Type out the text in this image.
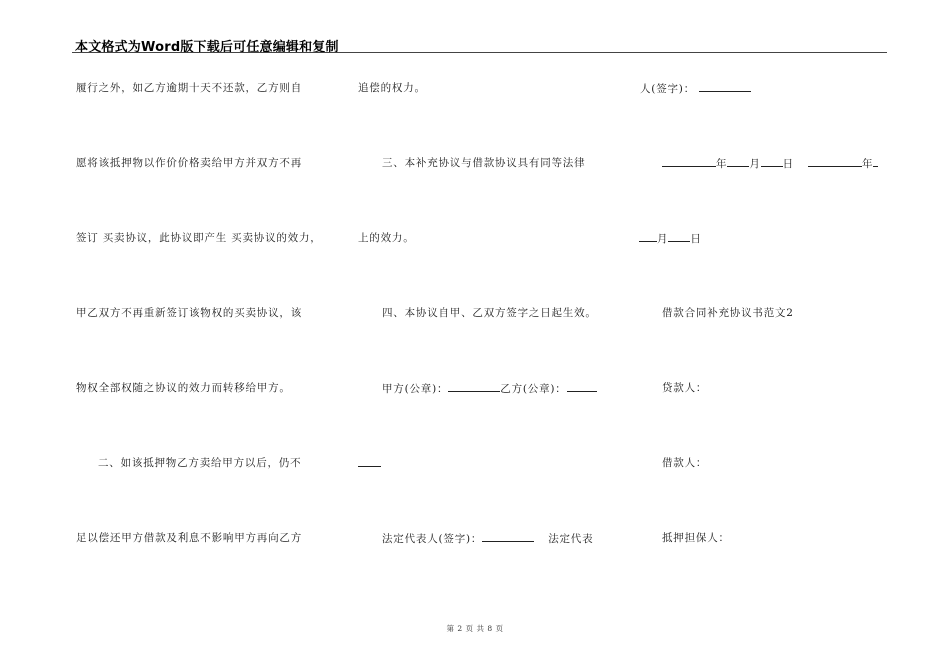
本文格式为Word版下载后可任意编辑和复制
履行之外，如乙方逾期十天不还款，乙方则自
愿将该抵押物以作价价格卖给甲方并双方不再
签订 买卖协议，此协议即产生 买卖协议的效力，
甲乙双方不再重新签订该物权的买卖协议，该
物权全部权随之协议的效力而转移给甲方。
二、如该抵押物乙方卖给甲方以后，仍不
足以偿还甲方借款及利息不影响甲方再向乙方
追偿的权力。
三、本补充协议与借款协议具有同等法律
上的效力。
四、本协议自甲、乙双方签字之日起生效。
甲方(公章)：	乙方(公章)：
法定代表人(签字)：	法定代表
人(签字)：
年 月 日	年
月 日
借款合同补充协议书范文2
贷款人：
借款人：
抵押担保人：
第 2 页 共 8 页
